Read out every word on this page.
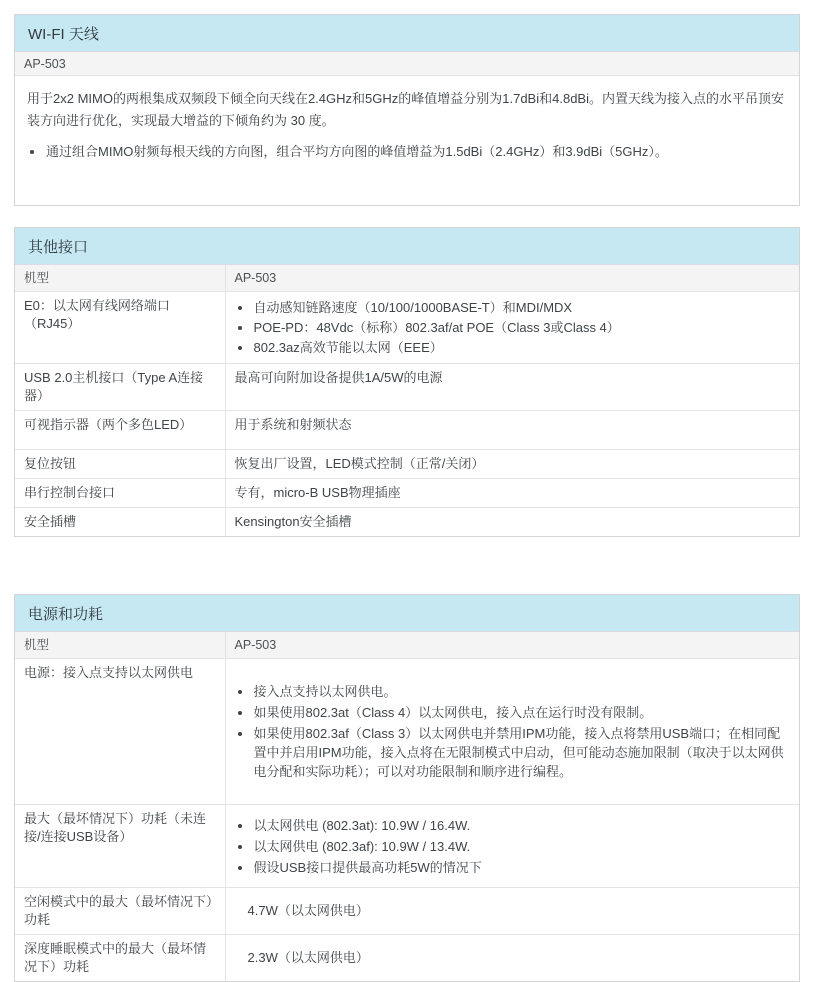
WI-FI 天线
AP-503

用于2x2 MIMO的两根集成双频段下倾全向天线在2.4GHz和5GHz的峰值增益分别为1.7dBi和4.8dBi。内置天线为接入点的水平吊顶安装方向进行优化，实现最大增益的下倾角约为 30 度。

• 通过组合MIMO射频每根天线的方向图，组合平均方向图的峰值增益为1.5dBi（2.4GHz）和3.9dBi（5GHz）。
其他接口
机型	AP-503
E0：以太网有线网络端口（RJ45）	
• 自动感知链路速度（10/100/1000BASE-T）和MDI/MDX
• POE-PD：48Vdc（标称）802.3af/at POE（Class 3或Class 4）
• 802.3az高效节能以太网（EEE）

USB 2.0主机接口（Type A连接器）	最高可向附加设备提供1A/5W的电源
可视指示器（两个多色LED）	用于系统和射频状态
复位按钮	恢复出厂设置，LED模式控制（正常/关闭）
串行控制台接口	专有，micro-B USB物理插座
安全插槽	Kensington安全插槽
电源和功耗
机型	AP-503
电源：接入点支持以太网供电	
• 接入点支持以太网供电。
• 如果使用802.3at（Class 4）以太网供电，接入点在运行时没有限制。
• 如果使用802.3af（Class 3）以太网供电并禁用IPM功能，接入点将禁用USB端口；在相同配置中并启用IPM功能，接入点将在无限制模式中启动，但可能动态施加限制（取决于以太网供电分配和实际功耗）；可以对功能限制和顺序进行编程。

最大（最坏情况下）功耗（未连接/连接USB设备）	
• 以太网供电 (802.3at): 10.9W / 16.4W.
• 以太网供电 (802.3af): 10.9W / 13.4W.
• 假设USB接口提供最高功耗5W的情况下

空闲模式中的最大（最坏情况下）功耗	4.7W（以太网供电）
深度睡眠模式中的最大（最坏情况下）功耗	2.3W（以太网供电）
